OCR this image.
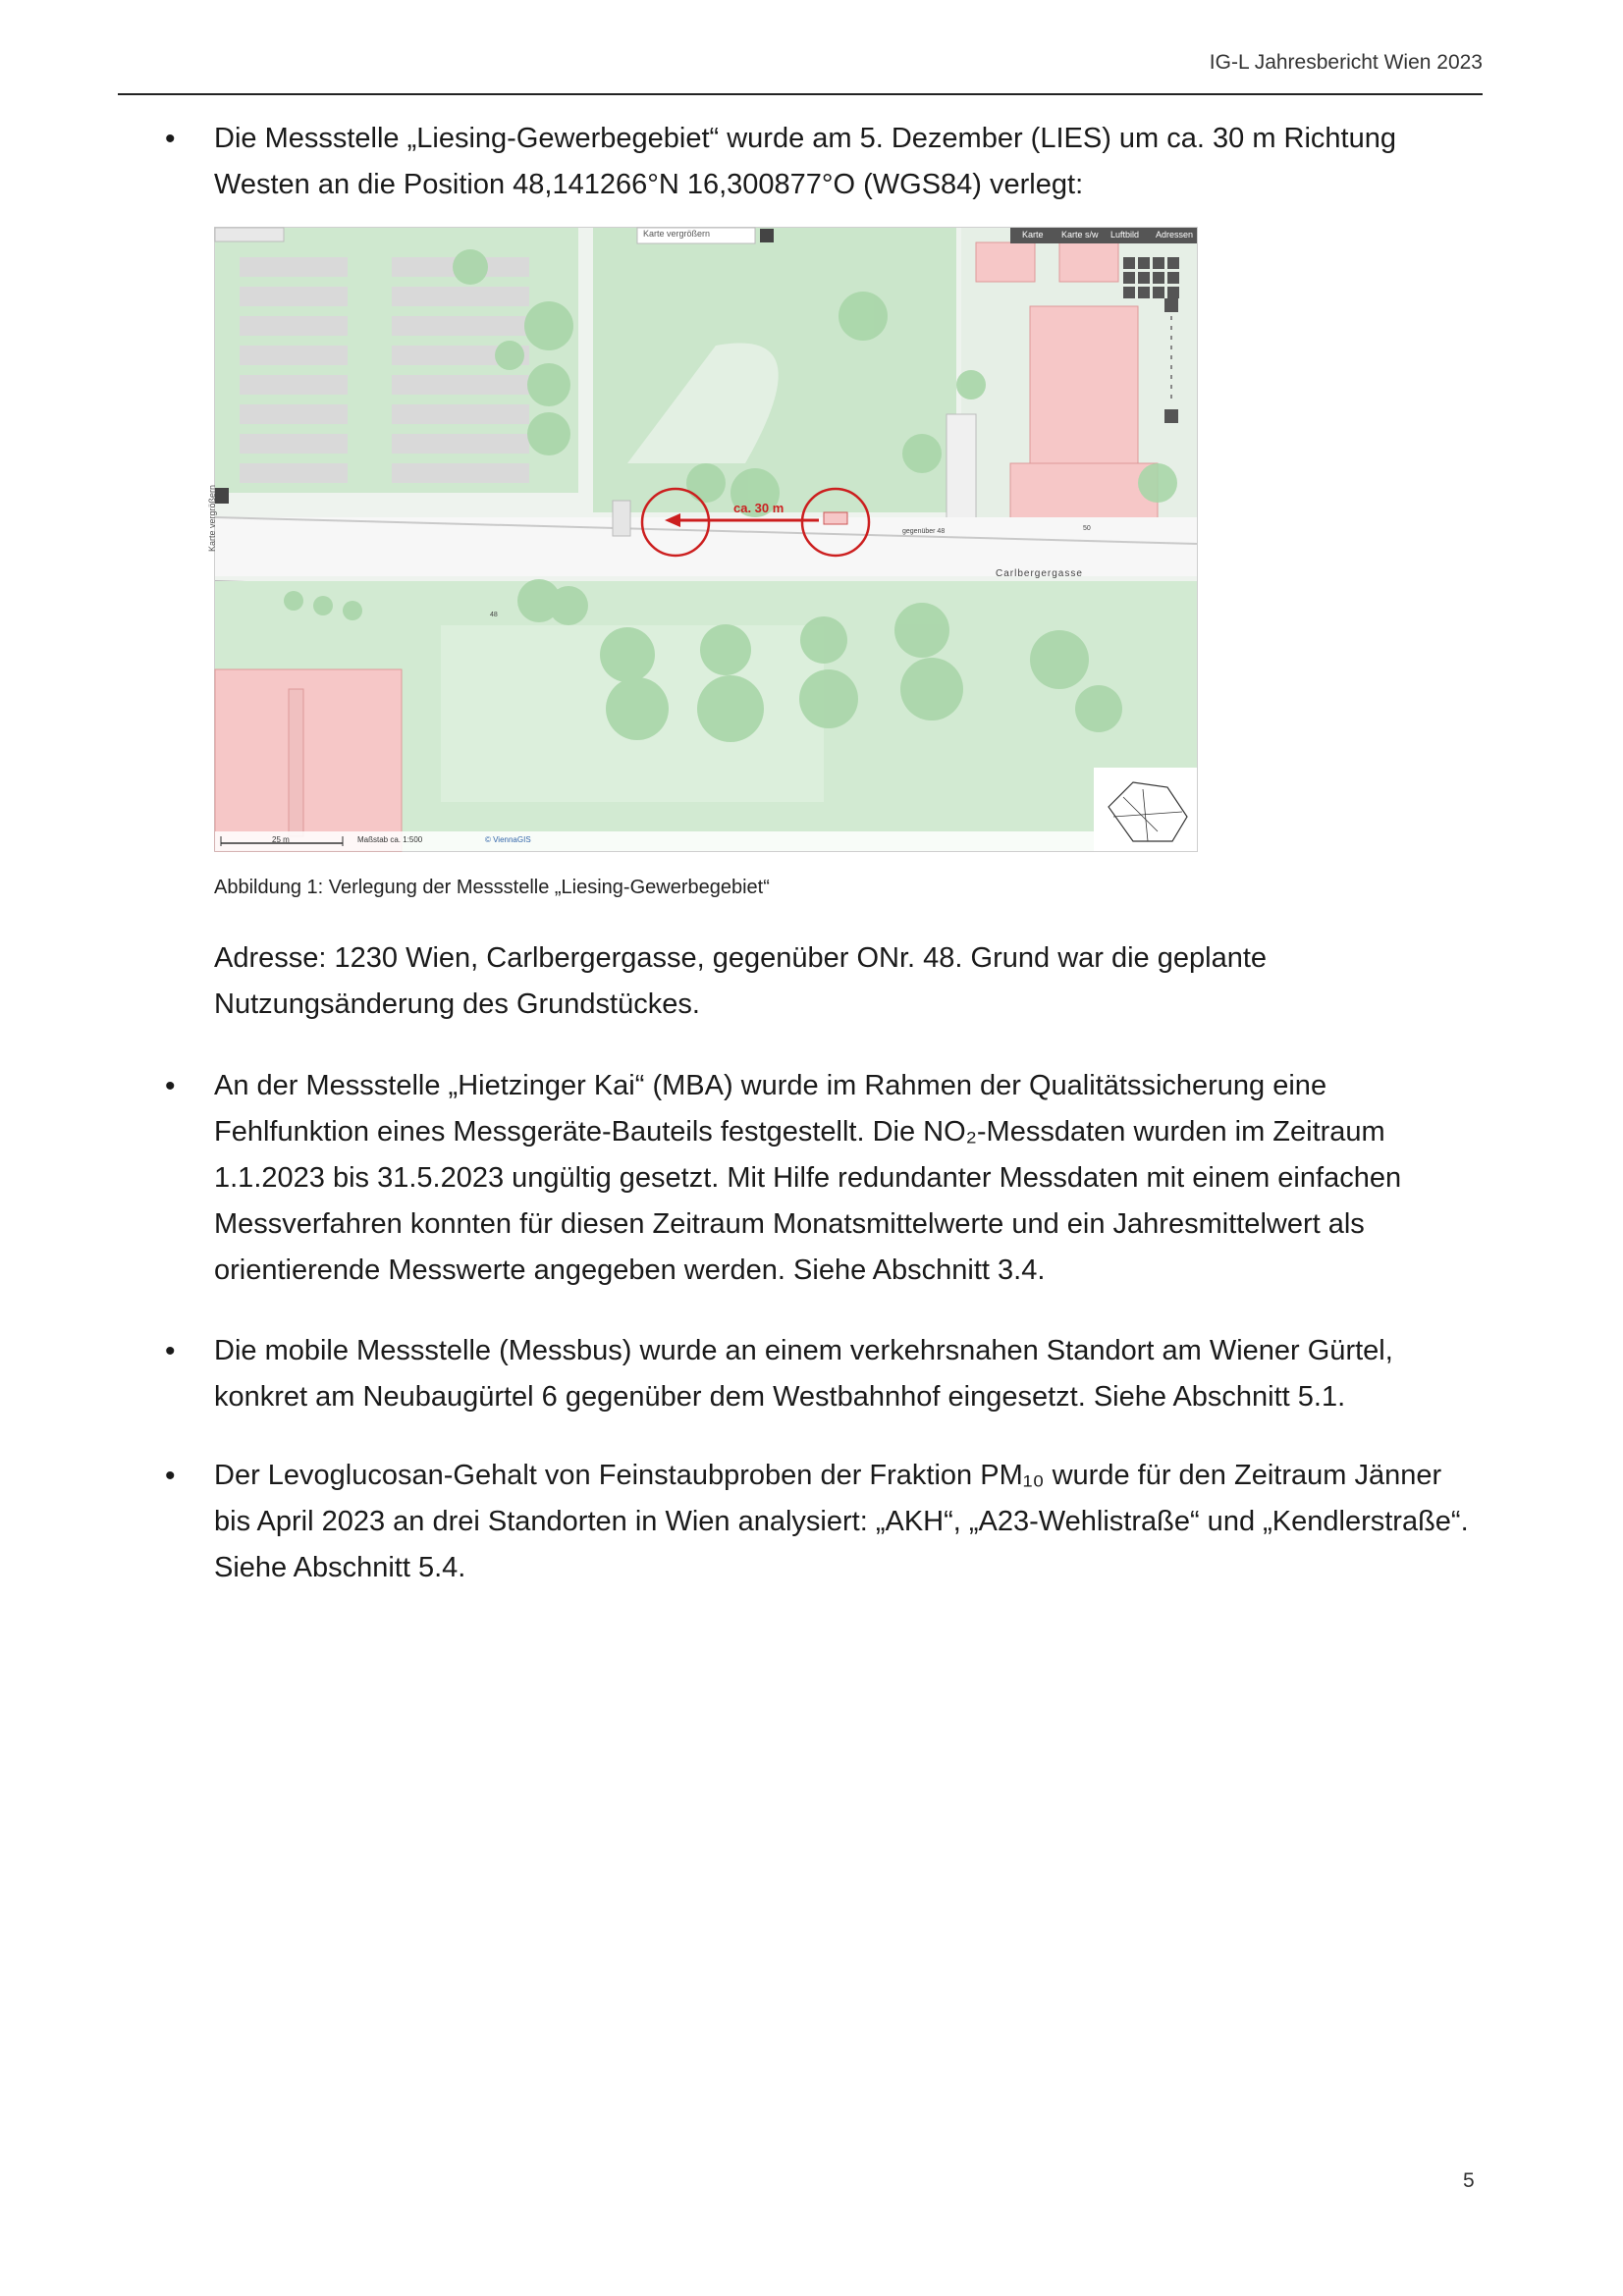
IG-L Jahresbericht Wien 2023
• Die Messstelle „Liesing-Gewerbegebiet“ wurde am 5. Dezember (LIES) um ca. 30 m Richtung Westen an die Position 48,141266°N 16,300877°O (WGS84) verlegt:

ca. 30 m
Carlbergergasse
gegenüber 48
48
50
Karte vergrößern
Karte vergrößern
Karte Karte s/w Luftbild Adressen
25 m	Maßstab ca. 1:500	© ViennaGIS
Abbildung 1: Verlegung der Messstelle „Liesing-Gewerbegebiet“

Adresse: 1230 Wien, Carlbergergasse, gegenüber ONr. 48. Grund war die geplante Nutzungsänderung des Grundstückes.

• An der Messstelle „Hietzinger Kai“ (MBA) wurde im Rahmen der Qualitätssicherung eine Fehlfunktion eines Messgeräte-Bauteils festgestellt. Die NO₂-Messdaten wurden im Zeitraum 1.1.2023 bis 31.5.2023 ungültig gesetzt. Mit Hilfe redundanter Messdaten mit einem einfachen Messverfahren konnten für diesen Zeitraum Monatsmittelwerte und ein Jahresmittelwert als orientierende Messwerte angegeben werden. Siehe Abschnitt 3.4.

• Die mobile Messstelle (Messbus) wurde an einem verkehrsnahen Standort am Wiener Gürtel, konkret am Neubaugürtel 6 gegenüber dem Westbahnhof eingesetzt. Siehe Abschnitt 5.1.

• Der Levoglucosan-Gehalt von Feinstaubproben der Fraktion PM₁₀ wurde für den Zeitraum Jänner bis April 2023 an drei Standorten in Wien analysiert: „AKH“, „A23-Wehlistraße“ und „Kendlerstraße“. Siehe Abschnitt 5.4.

5
